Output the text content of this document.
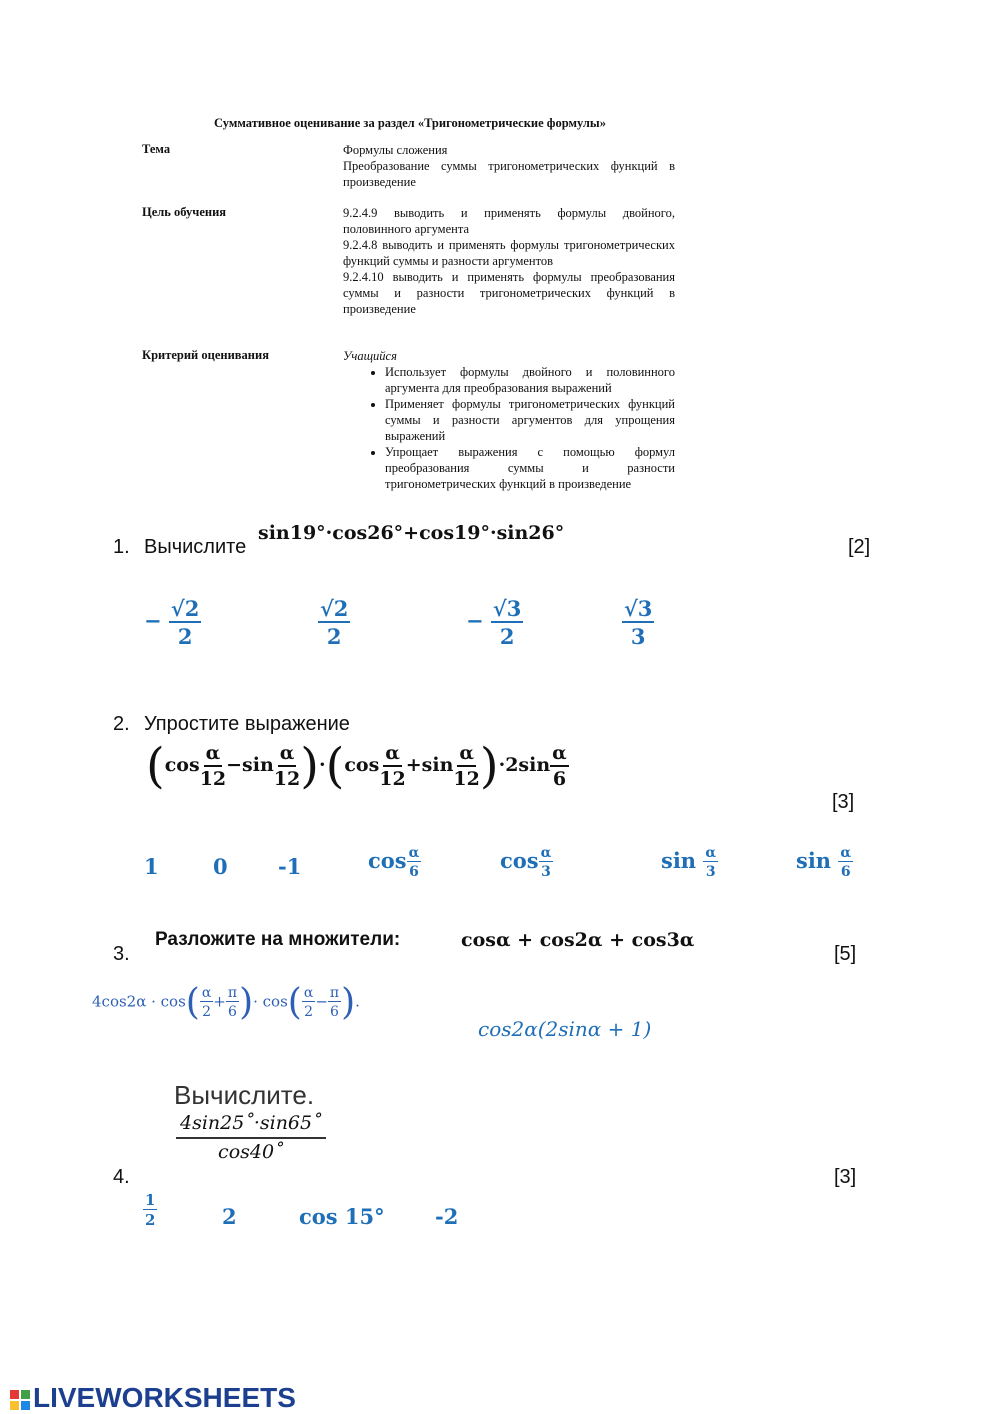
Суммативное оценивание за раздел «Тригонометрические формулы»
Тема	Формулы сложения
Преобразование суммы тригонометрических функций в произведение
Цель обучения	9.2.4.9 выводить и применять формулы двойного, половинного аргумента
9.2.4.8 выводить и применять формулы тригонометрических функций суммы и разности аргументов
9.2.4.10 выводить и применять формулы преобразования суммы и разности тригонометрических функций в произведение
Критерий оценивания	Учащийся
• Использует формулы двойного и половинного аргумента для преобразования выражений
• Применяет формулы тригонометрических функций суммы и разности аргументов для упрощения выражений
• Упрощает выражения с помощью формул преобразования суммы и разности тригонометрических функций в произведение
1. Вычислите
sin19°·cos26°+cos19°·sin26°
[2]
− $\frac{√2}{2}$	$\frac{√2}{2}$	− $\frac{√3}{2}$	$\frac{√3}{3}$
2. Упростите выражение
$(\cos \frac{\alpha}{12} -\sin \frac{\alpha}{12} )\cdot(\cos \frac{\alpha}{12} +\sin \frac{\alpha}{12} )\cdot 2\sin \frac{\alpha}{6}$
[3]
1	0 -1	$\cos \frac{\alpha}{6}$	$\cos \frac{\alpha}{3}$	$\sin \frac{\alpha}{3}$	$\sin \frac{\alpha}{6}$
Разложите на множители:	cosα + cos2α + cos3α
3.	[5]
$4\cos 2\alpha \cdot \cos( \frac{\alpha}{2} + \frac{\pi}{6}$ )· $\cos( \frac{\alpha}{2} - \frac{\pi}{6}$ ).
cos2α(2sinα + 1)
Вычислите.
$\frac{4\sin 25˚\cdot\sin 65˚}{\cos 40˚}$
4.	[3]
$\frac{1}{2}$	2	cos 15° -2
LIVEWORKSHEETS
